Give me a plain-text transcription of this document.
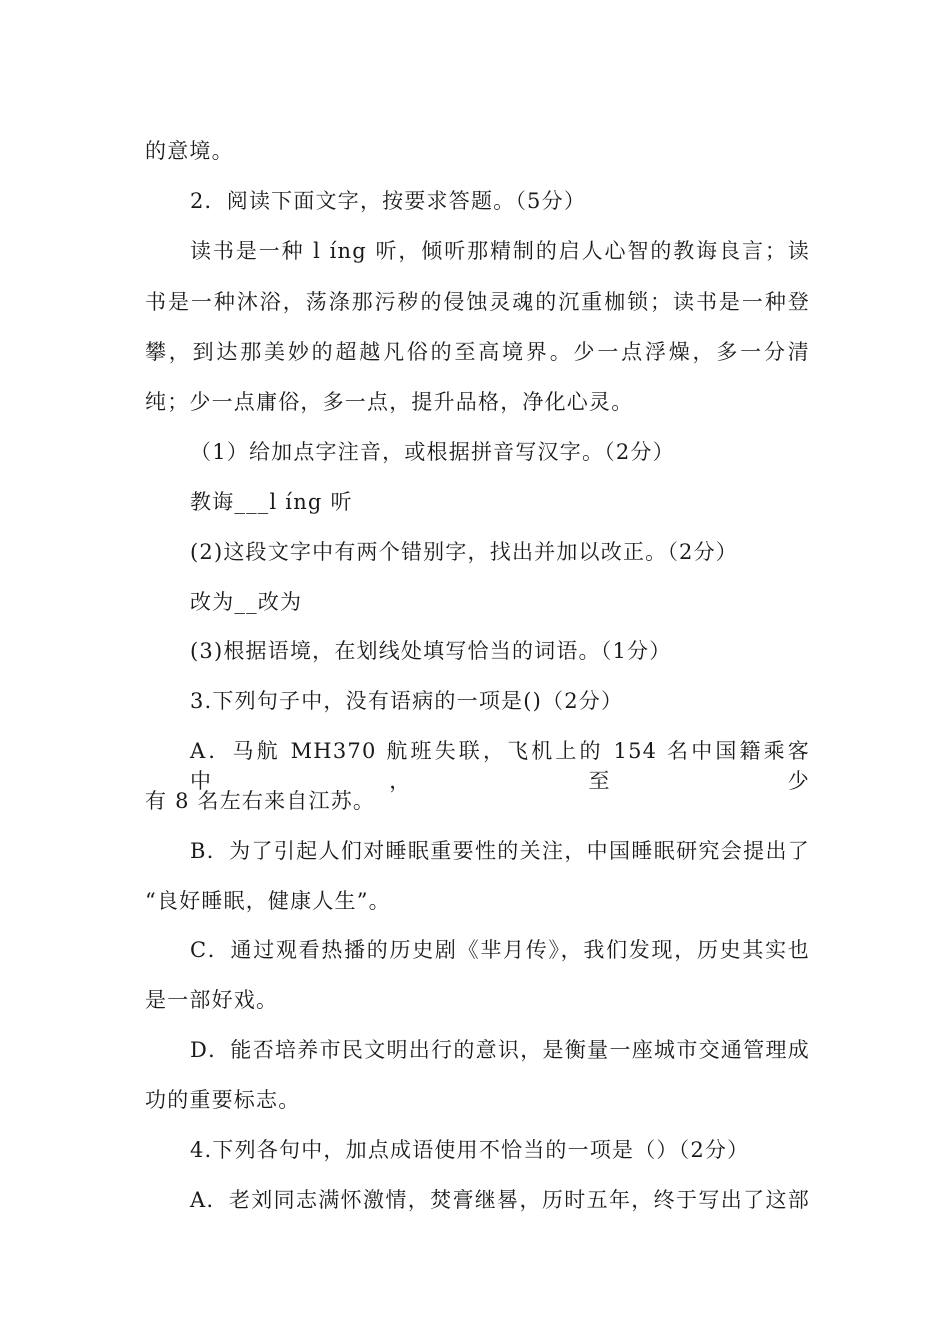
的意境。
2．阅读下面文字，按要求答题。（5分）
读书是一种 l íng 听，倾听那精制的启人心智的教诲良言；读
书是一种沐浴，荡涤那污秽的侵蚀灵魂的沉重枷锁；读书是一种登
攀，到达那美妙的超越凡俗的至高境界。少一点浮燥，多一分清
纯；少一点庸俗，多一点，提升品格，净化心灵。
（1）给加点字注音，或根据拼音写汉字。（2分）
教诲___l íng 听
(2)这段文字中有两个错别字，找出并加以改正。（2分）
改为__改为
(3)根据语境，在划线处填写恰当的词语。（1分）
3.下列句子中，没有语病的一项是()（2分）
A．马航 MH370 航班失联，飞机上的 154 名中国籍乘客中，至少
有 8 名左右来自江苏。
B．为了引起人们对睡眠重要性的关注，中国睡眠研究会提出了
“良好睡眠，健康人生”。
C．通过观看热播的历史剧《芈月传》，我们发现，历史其实也
是一部好戏。
D．能否培养市民文明出行的意识，是衡量一座城市交通管理成
功的重要标志。
4.下列各句中，加点成语使用不恰当的一项是（）（2分）
A．老刘同志满怀激情，焚膏继晷，历时五年，终于写出了这部
